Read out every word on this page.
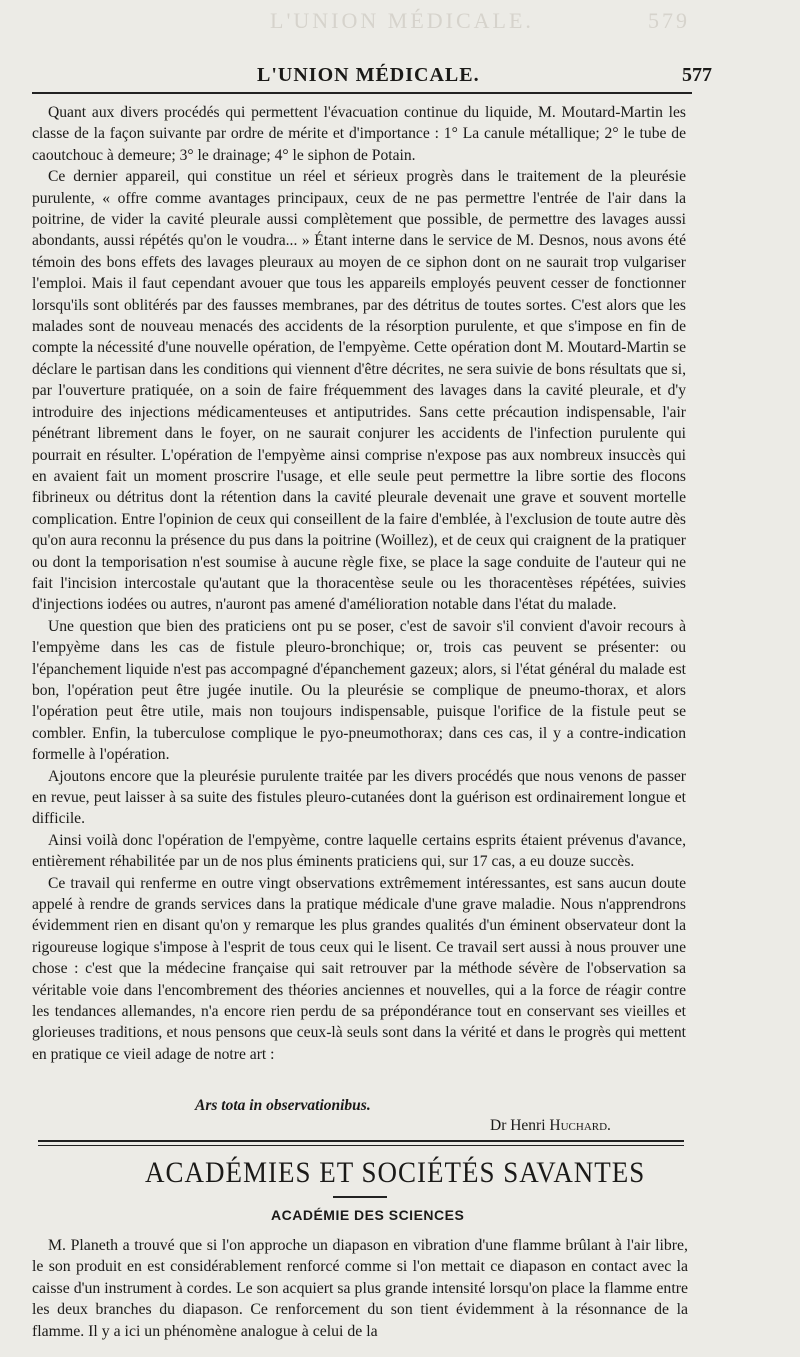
L'UNION MÉDICALE.	579
L'UNION MÉDICALE.	577

Quant aux divers procédés qui permettent l'évacuation continue du liquide, M. Moutard-Martin les classe de la façon suivante par ordre de mérite et d'importance : 1° La canule métallique; 2° le tube de caoutchouc à demeure; 3° le drainage; 4° le siphon de Potain.

Ce dernier appareil, qui constitue un réel et sérieux progrès dans le traitement de la pleurésie purulente, « offre comme avantages principaux, ceux de ne pas permettre l'entrée de l'air dans la poitrine, de vider la cavité pleurale aussi complètement que possible, de permettre des lavages aussi abondants, aussi répétés qu'on le voudra... » Étant interne dans le service de M. Desnos, nous avons été témoin des bons effets des lavages pleuraux au moyen de ce siphon dont on ne saurait trop vulgariser l'emploi. Mais il faut cependant avouer que tous les appareils employés peuvent cesser de fonctionner lorsqu'ils sont oblitérés par des fausses membranes, par des détritus de toutes sortes. C'est alors que les malades sont de nouveau menacés des accidents de la résorption purulente, et que s'impose en fin de compte la nécessité d'une nouvelle opération, de l'empyème. Cette opération dont M. Moutard-Martin se déclare le partisan dans les conditions qui viennent d'être décrites, ne sera suivie de bons résultats que si, par l'ouverture pratiquée, on a soin de faire fréquemment des lavages dans la cavité pleurale, et d'y introduire des injections médicamenteuses et antiputrides. Sans cette précaution indispensable, l'air pénétrant librement dans le foyer, on ne saurait conjurer les accidents de l'infection purulente qui pourrait en résulter. L'opération de l'empyème ainsi comprise n'expose pas aux nombreux insuccès qui en avaient fait un moment proscrire l'usage, et elle seule peut permettre la libre sortie des flocons fibrineux ou détritus dont la rétention dans la cavité pleurale devenait une grave et souvent mortelle complication. Entre l'opinion de ceux qui conseillent de la faire d'emblée, à l'exclusion de toute autre dès qu'on aura reconnu la présence du pus dans la poitrine (Woillez), et de ceux qui craignent de la pratiquer ou dont la temporisation n'est soumise à aucune règle fixe, se place la sage conduite de l'auteur qui ne fait l'incision intercostale qu'autant que la thoracentèse seule ou les thoracentèses répétées, suivies d'injections iodées ou autres, n'auront pas amené d'amélioration notable dans l'état du malade.

Une question que bien des praticiens ont pu se poser, c'est de savoir s'il convient d'avoir recours à l'empyème dans les cas de fistule pleuro-bronchique; or, trois cas peuvent se présenter: ou l'épanchement liquide n'est pas accompagné d'épanchement gazeux; alors, si l'état général du malade est bon, l'opération peut être jugée inutile. Ou la pleurésie se complique de pneumo-thorax, et alors l'opération peut être utile, mais non toujours indispensable, puisque l'orifice de la fistule peut se combler. Enfin, la tuberculose complique le pyo-pneumothorax; dans ces cas, il y a contre-indication formelle à l'opération.

Ajoutons encore que la pleurésie purulente traitée par les divers procédés que nous venons de passer en revue, peut laisser à sa suite des fistules pleuro-cutanées dont la guérison est ordinairement longue et difficile.

Ainsi voilà donc l'opération de l'empyème, contre laquelle certains esprits étaient prévenus d'avance, entièrement réhabilitée par un de nos plus éminents praticiens qui, sur 17 cas, a eu douze succès.

Ce travail qui renferme en outre vingt observations extrêmement intéressantes, est sans aucun doute appelé à rendre de grands services dans la pratique médicale d'une grave maladie. Nous n'apprendrons évidemment rien en disant qu'on y remarque les plus grandes qualités d'un éminent observateur dont la rigoureuse logique s'impose à l'esprit de tous ceux qui le lisent. Ce travail sert aussi à nous prouver une chose : c'est que la médecine française qui sait retrouver par la méthode sévère de l'observation sa véritable voie dans l'encombrement des théories anciennes et nouvelles, qui a la force de réagir contre les tendances allemandes, n'a encore rien perdu de sa prépondérance tout en conservant ses vieilles et glorieuses traditions, et nous pensons que ceux-là seuls sont dans la vérité et dans le progrès qui mettent en pratique ce vieil adage de notre art :

Ars tota in observationibus.
Dr Henri Huchard.
ACADÉMIES ET SOCIÉTÉS SAVANTES
ACADÉMIE DES SCIENCES

M. Planeth a trouvé que si l'on approche un diapason en vibration d'une flamme brûlant à l'air libre, le son produit en est considérablement renforcé comme si l'on mettait ce diapason en contact avec la caisse d'un instrument à cordes. Le son acquiert sa plus grande intensité lorsqu'on place la flamme entre les deux branches du diapason. Ce renforcement du son tient évidemment à la résonnance de la flamme. Il y a ici un phénomène analogue à celui de la
